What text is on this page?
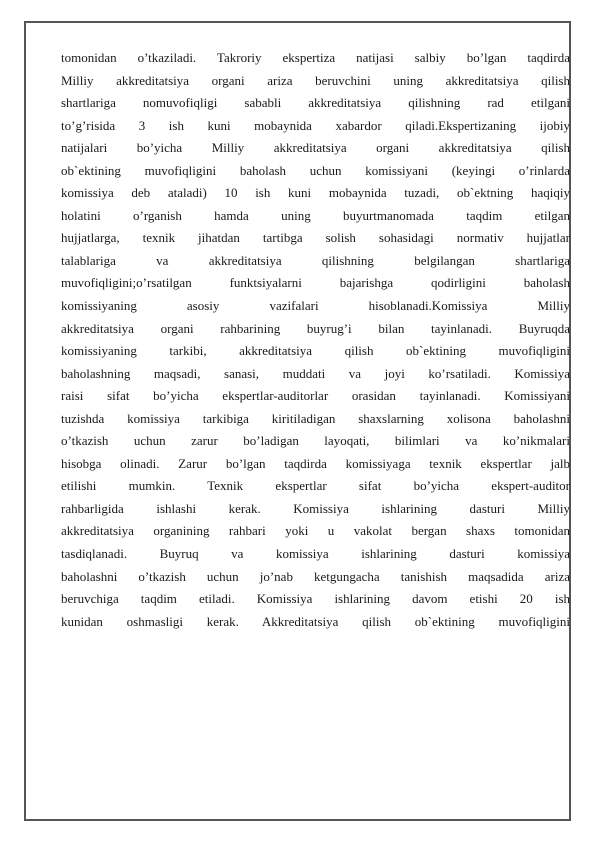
tomonidan o’tkaziladi. Takroriy ekspertiza natijasi salbiy bo’lgan taqdirda
Milliy akkreditatsiya organi ariza beruvchini uning akkreditatsiya qilish
shartlariga nomuvofiqligi sababli akkreditatsiya qilishning rad etilgani
to’g’risida 3 ish kuni mobaynida xabardor qiladi.Ekspertizaning ijobiy
natijalari bo’yicha Milliy akkreditatsiya organi akkreditatsiya qilish
ob`ektining muvofiqligini baholash uchun komissiyani (keyingi o’rinlarda
komissiya deb ataladi) 10 ish kuni mobaynida tuzadi, ob`ektning haqiqiy
holatini o’rganish hamda uning buyurtmanomada taqdim etilgan
hujjatlarga, texnik jihatdan tartibga solish sohasidagi normativ hujjatlar
talablariga va akkreditatsiya qilishning belgilangan shartlariga
muvofiqligini;o’rsatilgan funktsiyalarni bajarishga qodirligini baholash
komissiyaning asosiy vazifalari hisoblanadi.Komissiya Milliy
akkreditatsiya organi rahbarining buyrug’i bilan tayinlanadi. Buyruqda
komissiyaning tarkibi, akkreditatsiya qilish ob`ektining muvofiqligini
baholashning maqsadi, sanasi, muddati va joyi ko’rsatiladi. Komissiya
raisi sifat bo’yicha ekspertlar-auditorlar orasidan tayinlanadi. Komissiyani
tuzishda komissiya tarkibiga kiritiladigan shaxslarning xolisona baholashni
o’tkazish uchun zarur bo’ladigan layoqati, bilimlari va ko’nikmalari
hisobga olinadi. Zarur bo’lgan taqdirda komissiyaga texnik ekspertlar jalb
etilishi mumkin. Texnik ekspertlar sifat bo’yicha ekspert-auditor
rahbarligida ishlashi kerak. Komissiya ishlarining dasturi Milliy
akkreditatsiya organining rahbari yoki u vakolat bergan shaxs tomonidan
tasdiqlanadi. Buyruq va komissiya ishlarining dasturi komissiya
baholashni o’tkazish uchun jo’nab ketgungacha tanishish maqsadida ariza
beruvchiga taqdim etiladi. Komissiya ishlarining davom etishi 20 ish
kunidan oshmasligi kerak. Akkreditatsiya qilish ob`ektining muvofiqligini
